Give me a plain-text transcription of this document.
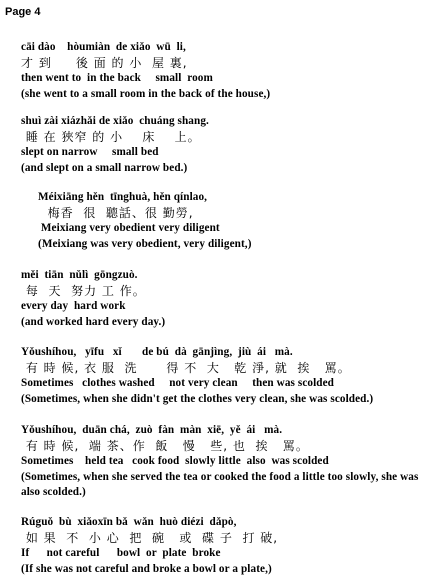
Page 4
cāi dào    hòumiàn  de xiǎo  wū  li,
才 到     後 面 的 小  屋 裏,
then went to  in the back     small  room
(she went to a small room in the back of the house,)
shuì zài xiázhǎi de xiǎo  chuáng shang.
睡 在 狹窄 的 小    床    上。
slept on narrow     small bed
(and slept on a small narrow bed.)
Méixiāng hěn  tīnghuà, hěn qínlao,
梅香  很  聽話、很 勤勞,
Meixiang very obedient very diligent
(Meixiang was very obedient, very diligent,)
měi  tiān  nǔlì  gōngzuò.
每  天  努力 工 作。
every day  hard work
(and worked hard every day.)
Yǒushíhou,   yīfu   xǐ       de bú  dà  gānjìng,  jiù  ái   mà.
有 時 候, 衣 服  洗      得 不  大   乾 淨, 就  挨   罵。
Sometimes   clothes washed     not very clean     then was scolded
(Sometimes, when she didn't get the clothes very clean, she was scolded.)
Yǒushíhou,  duān chá,  zuò  fàn  màn  xiē,  yě  ái   mà.
有 時 候,  端 茶、作  飯   慢   些, 也  挨   罵。
Sometimes    held tea   cook food  slowly little  also  was scolded
(Sometimes, when she served the tea or cooked the food a little too slowly, she was also scolded.)
Rúguǒ  bù  xiǎoxīn bǎ  wǎn  huò diézi  dǎpò,
如 果  不  小 心  把  碗   或  碟 子  打 破,
If      not careful      bowl  or  plate  broke
(If she was not careful and broke a bowl or a plate,)
